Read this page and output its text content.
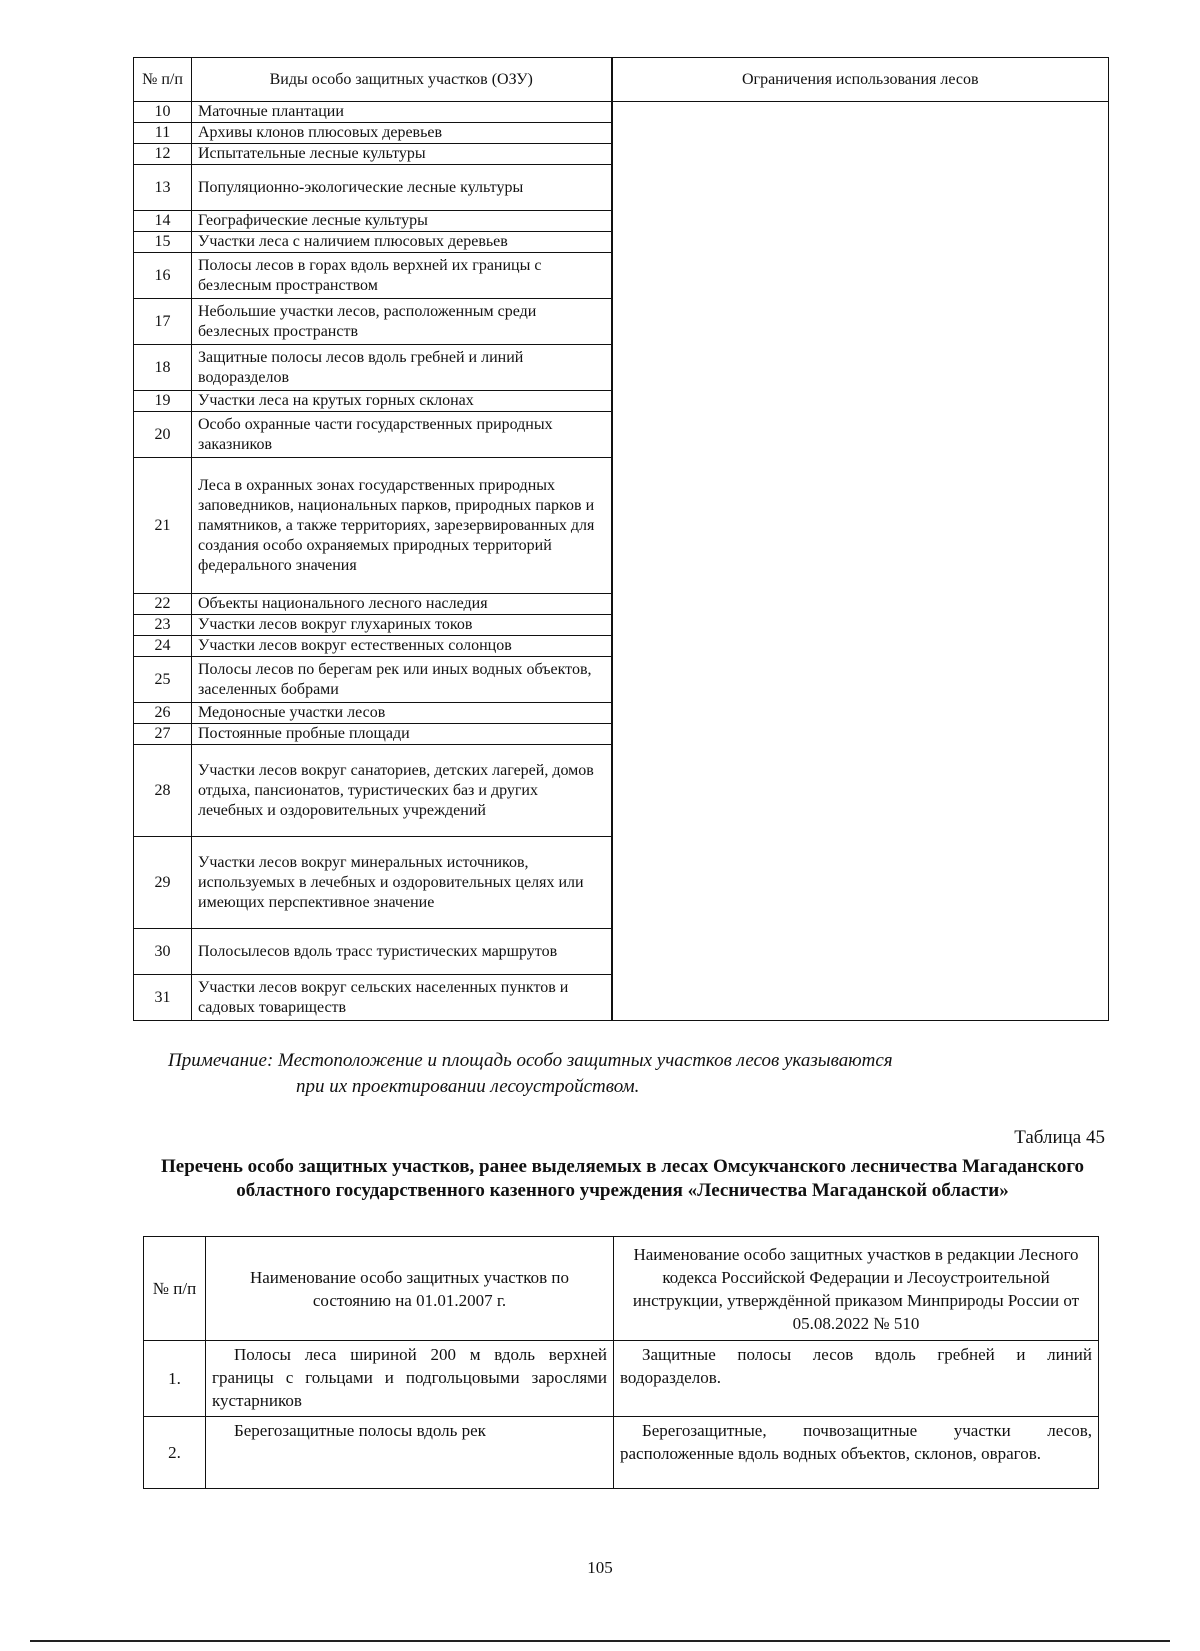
№ п/п	Виды особо защитных участков (ОЗУ)	Ограничения использования лесов
10	Маточные плантации	
11	Архивы клонов плюсовых деревьев	
12	Испытательные лесные культуры	
13	Популяционно-экологические лесные культуры	
14	Географические лесные культуры	
15	Участки леса с наличием плюсовых деревьев	
16	Полосы лесов в горах вдоль верхней их границы с безлесным пространством	
17	Небольшие участки лесов, расположенным среди безлесных пространств	
18	Защитные полосы лесов вдоль гребней и линий водоразделов	
19	Участки леса на крутых горных склонах	
20	Особо охранные части государственных природных заказников	
21	Леса в охранных зонах государственных природных заповедников, национальных парков, природных парков и памятников, а также территориях, зарезервированных для создания особо охраняемых природных территорий федерального значения	
22	Объекты национального лесного наследия	
23	Участки лесов вокруг глухариных токов	
24	Участки лесов вокруг естественных солонцов	
25	Полосы лесов по берегам рек или иных водных объектов, заселенных бобрами	
26	Медоносные участки лесов	
27	Постоянные пробные площади	
28	Участки лесов вокруг санаториев, детских лагерей, домов отдыха, пансионатов, туристических баз и других лечебных и оздоровительных учреждений	
29	Участки лесов вокруг минеральных источников, используемых в лечебных и оздоровительных целях или имеющих перспективное значение	
30	Полосылесов вдоль трасс туристических маршрутов	
31	Участки лесов вокруг сельских населенных пунктов и садовых товариществ	
Примечание: Местоположение и площадь особо защитных участков лесов указываются
при их проектировании лесоустройством.
Таблица 45
Перечень особо защитных участков, ранее выделяемых в лесах Омсукчанского лесничества Магаданского областного государственного казенного учреждения «Лесничества Магаданской области»
№ п/п	Наименование особо защитных участков по состоянию на 01.01.2007 г.	Наименование особо защитных участков в редакции Лесного кодекса Российской Федерации и Лесоустроительной инструкции, утверждённой приказом Минприроды России от 05.08.2022 № 510
1.	Полосы леса шириной 200 м вдоль верхней границы с гольцами и подгольцовыми зарослями кустарников	Защитные полосы лесов вдоль гребней и линий водоразделов.
2.	Берегозащитные полосы вдоль рек	Берегозащитные, почвозащитные участки лесов, расположенные вдоль водных объектов, склонов, оврагов.
105
